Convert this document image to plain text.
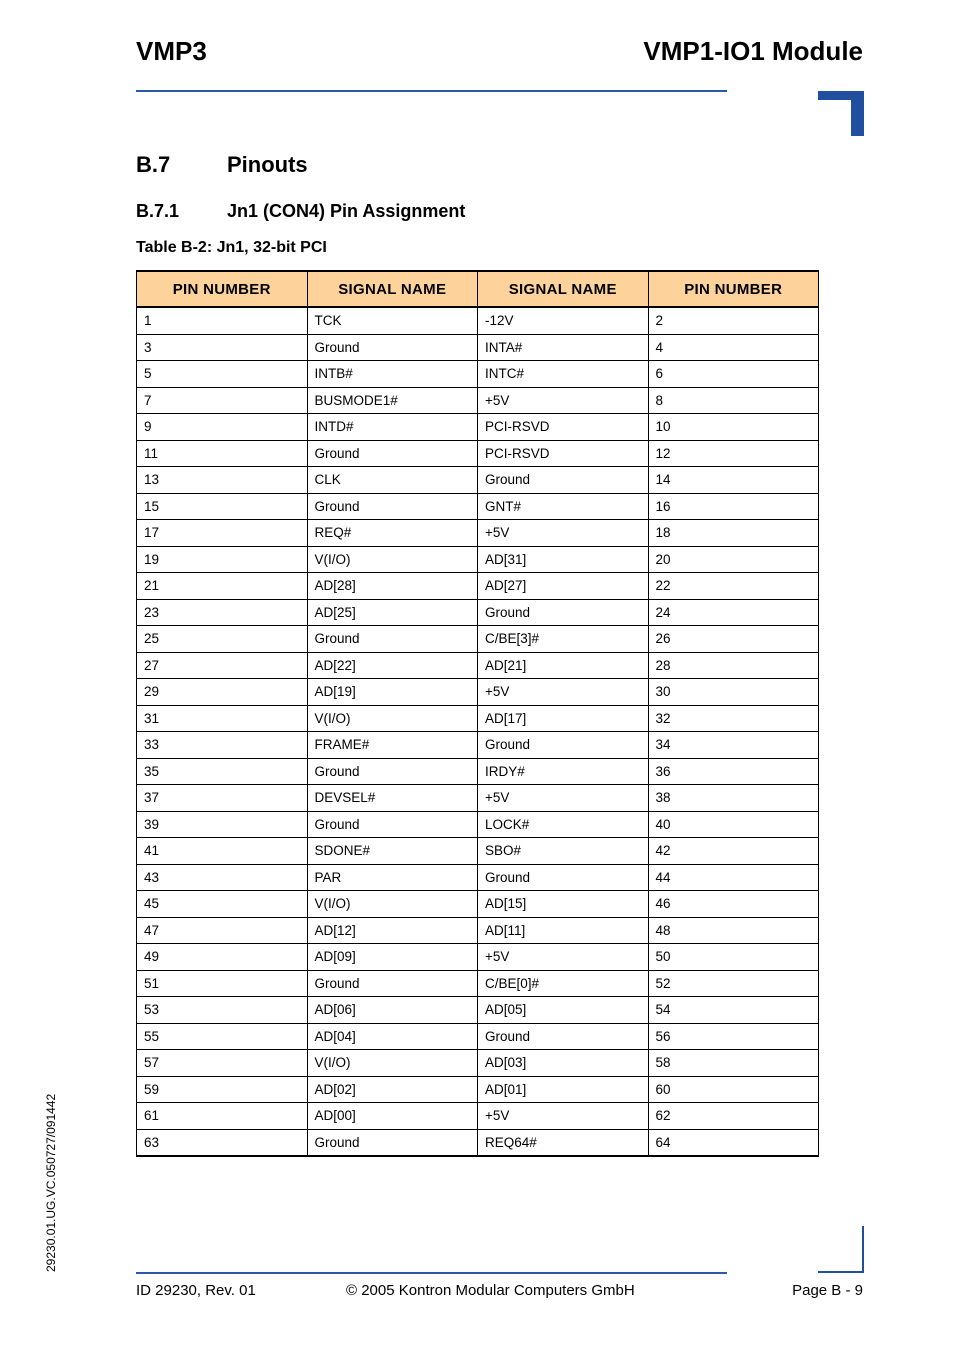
VMP3	VMP1-IO1 Module
B.7	Pinouts
B.7.1	Jn1 (CON4) Pin Assignment
Table B-2: Jn1, 32-bit PCI
PIN NUMBER	SIGNAL NAME	SIGNAL NAME	PIN NUMBER
1	TCK	-12V	2
3	Ground	INTA#	4
5	INTB#	INTC#	6
7	BUSMODE1#	+5V	8
9	INTD#	PCI-RSVD	10
11	Ground	PCI-RSVD	12
13	CLK	Ground	14
15	Ground	GNT#	16
17	REQ#	+5V	18
19	V(I/O)	AD[31]	20
21	AD[28]	AD[27]	22
23	AD[25]	Ground	24
25	Ground	C/BE[3]#	26
27	AD[22]	AD[21]	28
29	AD[19]	+5V	30
31	V(I/O)	AD[17]	32
33	FRAME#	Ground	34
35	Ground	IRDY#	36
37	DEVSEL#	+5V	38
39	Ground	LOCK#	40
41	SDONE#	SBO#	42
43	PAR	Ground	44
45	V(I/O)	AD[15]	46
47	AD[12]	AD[11]	48
49	AD[09]	+5V	50
51	Ground	C/BE[0]#	52
53	AD[06]	AD[05]	54
55	AD[04]	Ground	56
57	V(I/O)	AD[03]	58
59	AD[02]	AD[01]	60
61	AD[00]	+5V	62
63	Ground	REQ64#	64
ID 29230, Rev. 01	© 2005 Kontron Modular Computers GmbH	Page B - 9
29230.01.UG.VC.050727/091442
